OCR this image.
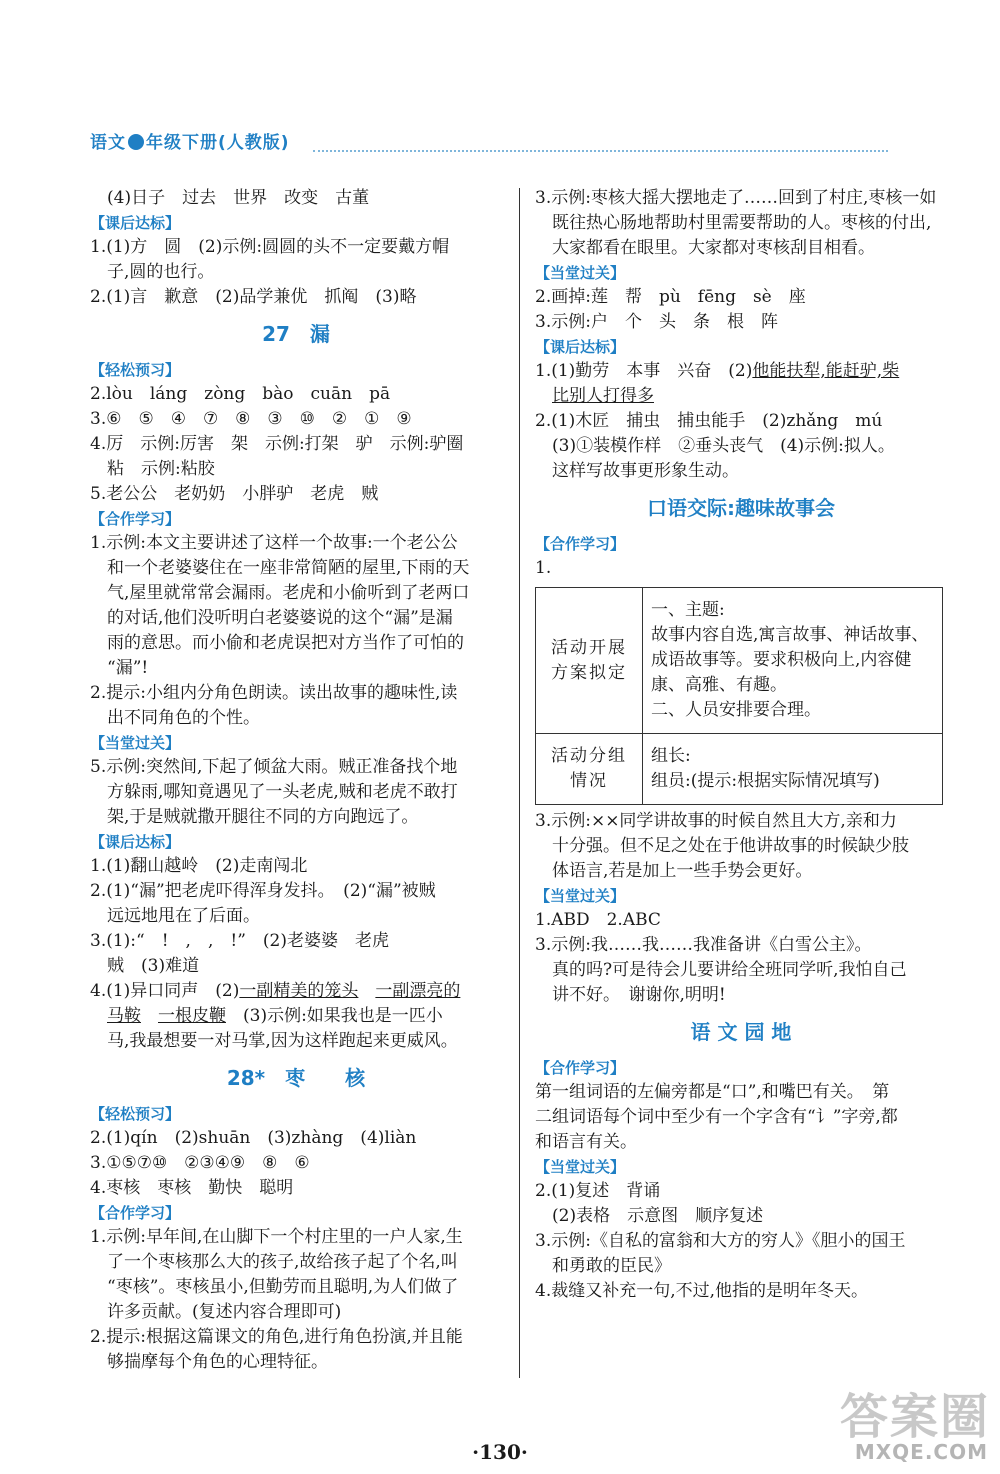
语文 年级下册(人教版)
(4)日子　过去　世界　改变　古董
【课后达标】
1.(1)方　圆　(2)示例:圆圆的头不一定要戴方帽
子,圆的也行。
2.(1)言　歉意　(2)品学兼优　抓阄　(3)略
27　漏
【轻松预习】
2.lòu　láng　zòng　bào　cuān　pā
3.⑥　⑤　④　⑦　⑧　③　⑩　②　①　⑨
4.厉　示例:厉害　架　示例:打架　驴　示例:驴圈
粘　示例:粘胶
5.老公公　老奶奶　小胖驴　老虎　贼
【合作学习】
1.示例:本文主要讲述了这样一个故事:一个老公公
和一个老婆婆住在一座非常简陋的屋里,下雨的天
气,屋里就常常会漏雨。老虎和小偷听到了老两口
的对话,他们没听明白老婆婆说的这个“漏”是漏
雨的意思。而小偷和老虎误把对方当作了可怕的
“漏”!
2.提示:小组内分角色朗读。读出故事的趣味性,读
出不同角色的个性。
【当堂过关】
5.示例:突然间,下起了倾盆大雨。贼正准备找个地
方躲雨,哪知竟遇见了一头老虎,贼和老虎不敢打
架,于是贼就撒开腿往不同的方向跑远了。
【课后达标】
1.(1)翻山越岭　(2)走南闯北
2.(1)“漏”把老虎吓得浑身发抖。　(2)“漏”被贼
远远地甩在了后面。
3.(1):“　!　,　,　!”　(2)老婆婆　老虎
贼　(3)难道
4.(1)异口同声　(2)一副精美的笼头　 一副漂亮的
马鞍　 一根皮鞭　(3)示例:如果我也是一匹小
马,我最想要一对马掌,因为这样跑起来更威风。
28*　枣　　核
【轻松预习】
2.(1)qín　(2)shuān　(3)zhàng　(4)liàn
3.①⑤⑦⑩　②③④⑨　⑧　⑥
4.枣核　枣核　勤快　聪明
【合作学习】
1.示例:早年间,在山脚下一个村庄里的一户人家,生
了一个枣核那么大的孩子,故给孩子起了个名,叫
“枣核”。枣核虽小,但勤劳而且聪明,为人们做了
许多贡献。(复述内容合理即可)
2.提示:根据这篇课文的角色,进行角色扮演,并且能
够揣摩每个角色的心理特征。
3.示例:枣核大摇大摆地走了……回到了村庄,枣核一如
既往热心肠地帮助村里需要帮助的人。枣核的付出,
大家都看在眼里。大家都对枣核刮目相看。
【当堂过关】
2.画掉:莲　帮　pù　fēng　sè　座
3.示例:户　个　头　条　根　阵
【课后达标】
1.(1)勤劳　本事　兴奋　(2)他能扶犁,能赶驴,柴
比别人打得多
2.(1)木匠　捕虫　捕虫能手　(2)zhǎng　mú
(3)①装模作样　②垂头丧气　(4)示例:拟人。
这样写故事更形象生动。
口语交际:趣味故事会
【合作学习】
1.
活动开展方案拟定	一、主题:
故事内容自选,寓言故事、神话故事、成语故事等。要求积极向上,内容健康、高雅、有趣。
二、人员安排要合理。

活动分组情况	组长:
组员:(提示:根据实际情况填写)
3.示例:××同学讲故事的时候自然且大方,亲和力
十分强。但不足之处在于他讲故事的时候缺少肢
体语言,若是加上一些手势会更好。
【当堂过关】
1.ABD　2.ABC
3.示例:我……我……我准备讲《白雪公主》。
真的吗?可是待会儿要讲给全班同学听,我怕自己
讲不好。　谢谢你,明明!
语 文 园 地
【合作学习】
第一组词语的左偏旁都是“口”,和嘴巴有关。　第
二组词语每个词中至少有一个字含有“讠”字旁,都
和语言有关。
【当堂过关】
2.(1)复述　背诵
(2)表格　示意图　顺序复述
3.示例:《自私的富翁和大方的穷人》《胆小的国王
和勇敢的臣民》
4.裁缝又补充一句,不过,他指的是明年冬天。
·130·
答案圈
MXQE.COM
